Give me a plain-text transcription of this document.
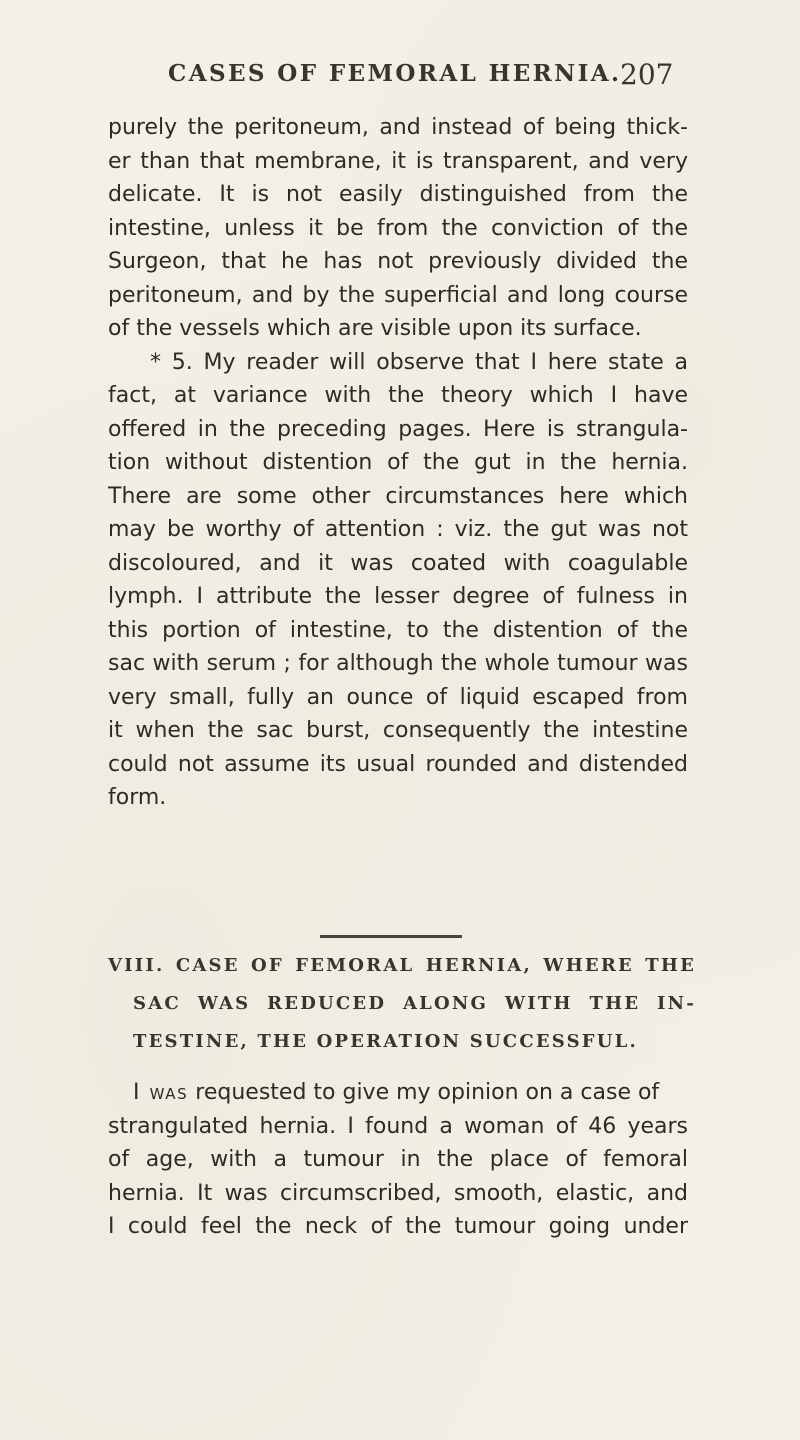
CASES OF FEMORAL HERNIA.
207
purely the peritoneum, and instead of being thick-
er than that membrane, it is transparent, and very
delicate. It is not easily distinguished from the
intestine, unless it be from the conviction of the
Surgeon, that he has not previously divided the
peritoneum, and by the superficial and long course
of the vessels which are visible upon its surface.
* 5. My reader will observe that I here state a
fact, at variance with the theory which I have
offered in the preceding pages. Here is strangula-
tion without distention of the gut in the hernia.
There are some other circumstances here which
may be worthy of attention : viz. the gut was not
discoloured, and it was coated with coagulable
lymph. I attribute the lesser degree of fulness in
this portion of intestine, to the distention of the
sac with serum ; for although the whole tumour was
very small, fully an ounce of liquid escaped from
it when the sac burst, consequently the intestine
could not assume its usual rounded and distended
form.
VIII. CASE OF FEMORAL HERNIA, WHERE THE
SAC WAS REDUCED ALONG WITH THE IN-
TESTINE, THE OPERATION SUCCESSFUL.
I was requested to give my opinion on a case of
strangulated hernia. I found a woman of 46 years
of age, with a tumour in the place of femoral
hernia. It was circumscribed, smooth, elastic, and
I could feel the neck of the tumour going under
